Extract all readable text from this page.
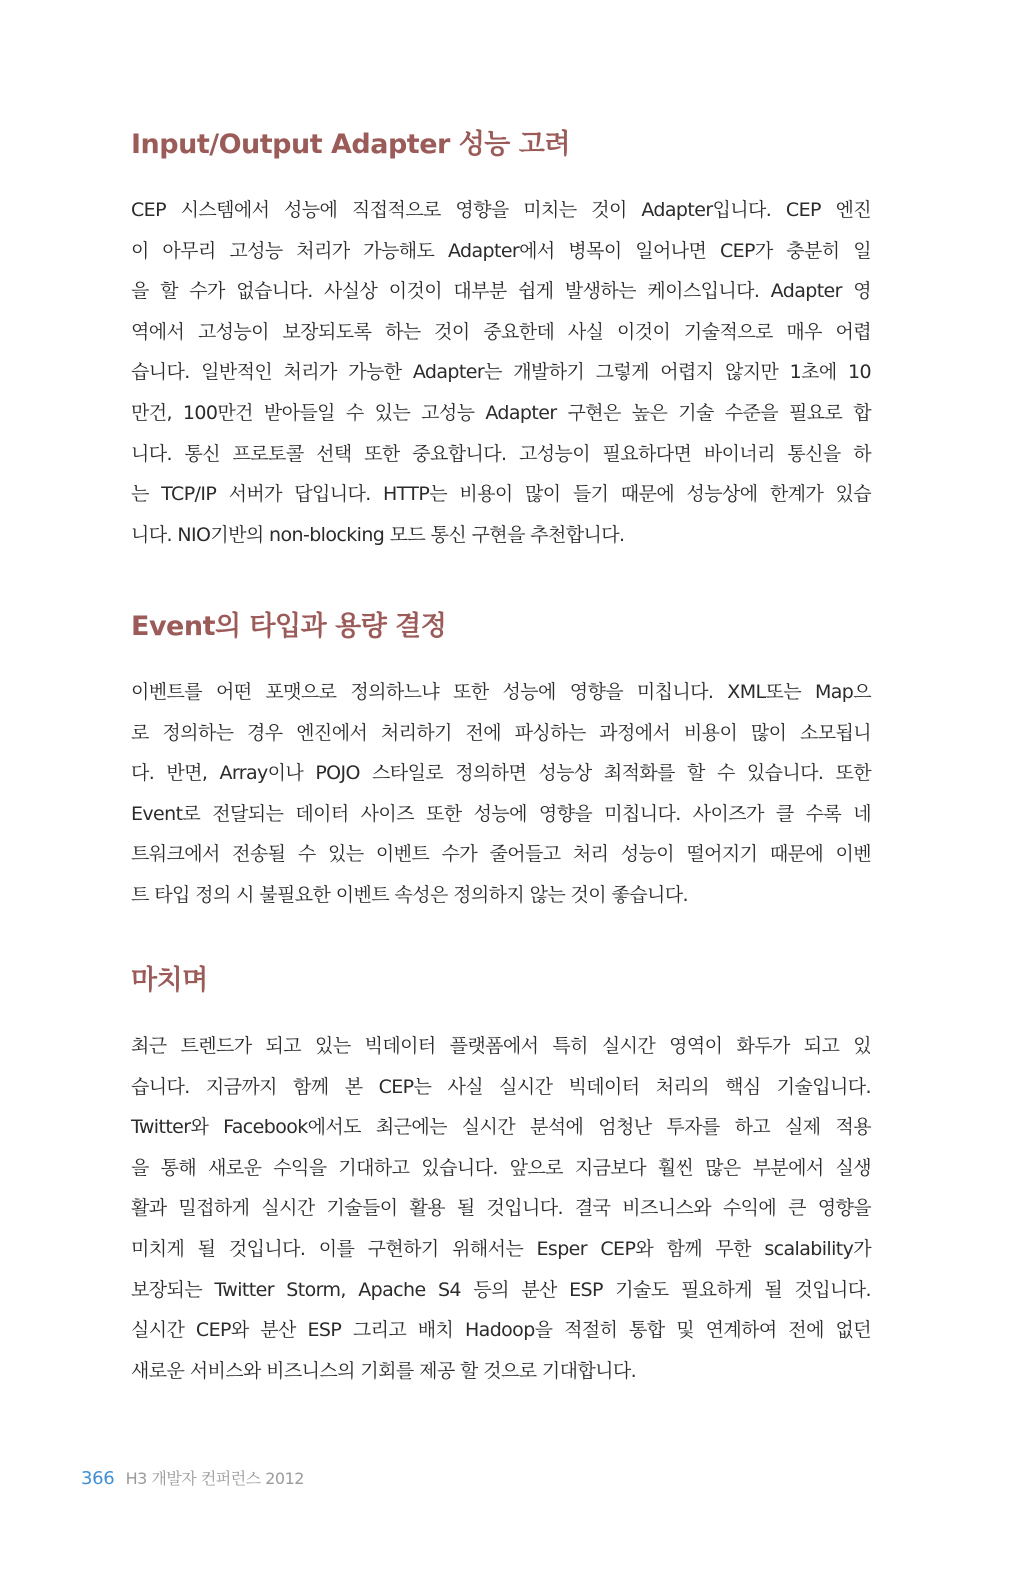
Input/Output Adapter 성능 고려
CEP 시스템에서 성능에 직접적으로 영향을 미치는 것이 Adapter입니다. CEP 엔진
이 아무리 고성능 처리가 가능해도 Adapter에서 병목이 일어나면 CEP가 충분히 일
을 할 수가 없습니다. 사실상 이것이 대부분 쉽게 발생하는 케이스입니다. Adapter 영
역에서 고성능이 보장되도록 하는 것이 중요한데 사실 이것이 기술적으로 매우 어렵
습니다. 일반적인 처리가 가능한 Adapter는 개발하기 그렇게 어렵지 않지만 1초에 10
만건, 100만건 받아들일 수 있는 고성능 Adapter 구현은 높은 기술 수준을 필요로 합
니다. 통신 프로토콜 선택 또한 중요합니다. 고성능이 필요하다면 바이너리 통신을 하
는 TCP/IP 서버가 답입니다. HTTP는 비용이 많이 들기 때문에 성능상에 한계가 있습
니다. NIO기반의 non-blocking 모드 통신 구현을 추천합니다.
Event의 타입과 용량 결정
이벤트를 어떤 포맷으로 정의하느냐 또한 성능에 영향을 미칩니다. XML또는 Map으
로 정의하는 경우 엔진에서 처리하기 전에 파싱하는 과정에서 비용이 많이 소모됩니
다. 반면, Array이나 POJO 스타일로 정의하면 성능상 최적화를 할 수 있습니다. 또한
Event로 전달되는 데이터 사이즈 또한 성능에 영향을 미칩니다. 사이즈가 클 수록 네
트워크에서 전송될 수 있는 이벤트 수가 줄어들고 처리 성능이 떨어지기 때문에 이벤
트 타입 정의 시 불필요한 이벤트 속성은 정의하지 않는 것이 좋습니다.
마치며
최근 트렌드가 되고 있는 빅데이터 플랫폼에서 특히 실시간 영역이 화두가 되고 있
습니다. 지금까지 함께 본 CEP는 사실 실시간 빅데이터 처리의 핵심 기술입니다.
Twitter와 Facebook에서도 최근에는 실시간 분석에 엄청난 투자를 하고 실제 적용
을 통해 새로운 수익을 기대하고 있습니다. 앞으로 지금보다 훨씬 많은 부분에서 실생
활과 밀접하게 실시간 기술들이 활용 될 것입니다. 결국 비즈니스와 수익에 큰 영향을
미치게 될 것입니다. 이를 구현하기 위해서는 Esper CEP와 함께 무한 scalability가
보장되는 Twitter Storm, Apache S4 등의 분산 ESP 기술도 필요하게 될 것입니다.
실시간 CEP와 분산 ESP 그리고 배치 Hadoop을 적절히 통합 및 연계하여 전에 없던
새로운 서비스와 비즈니스의 기회를 제공 할 것으로 기대합니다.
366 H3 개발자 컨퍼런스 2012
